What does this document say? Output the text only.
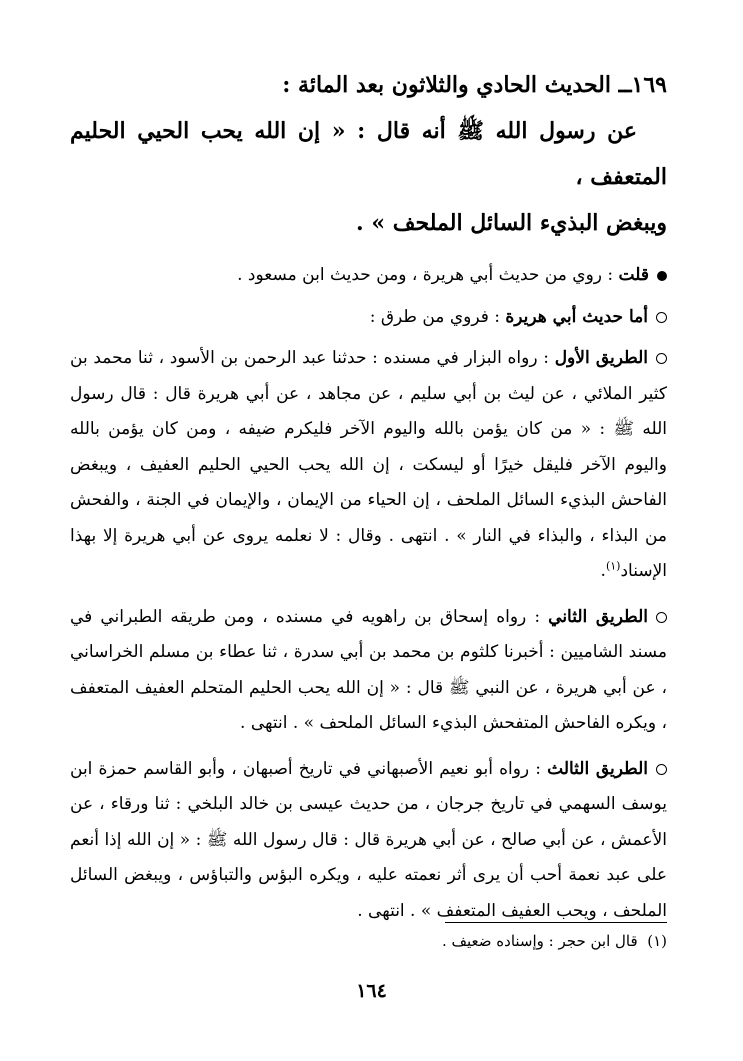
١٦٩ــ الحديث الحادي والثلاثون بعد المائة :

عن رسول الله ﷺ أنه قال : « إن الله يحب الحيي الحليم المتعفف ،

ويبغض البذيء السائل الملحف » .

قلت : روي من حديث أبي هريرة ، ومن حديث ابن مسعود .

أما حديث أبي هريرة : فروي من طرق :

الطريق الأول : رواه البزار في مسنده : حدثنا عبد الرحمن بن الأسود ، ثنا محمد بن كثير الملائي ، عن ليث بن أبي سليم ، عن مجاهد ، عن أبي هريرة قال : قال رسول الله ﷺ : « من كان يؤمن بالله واليوم الآخر فليكرم ضيفه ، ومن كان يؤمن بالله واليوم الآخر فليقل خيرًا أو ليسكت ، إن الله يحب الحيي الحليم العفيف ، ويبغض الفاحش البذيء السائل الملحف ، إن الحياء من الإيمان ، والإيمان في الجنة ، والفحش من البذاء ، والبذاء في النار » . انتهى . وقال : لا نعلمه يروى عن أبي هريرة إلا بهذا الإسناد$^{(١)}$.

الطريق الثاني : رواه إسحاق بن راهويه في مسنده ، ومن طريقه الطبراني في مسند الشاميين : أخبرنا كلثوم بن محمد بن أبي سدرة ، ثنا عطاء بن مسلم الخراساني ، عن أبي هريرة ، عن النبي ﷺ قال : « إن الله يحب الحليم المتحلم العفيف المتعفف ، ويكره الفاحش المتفحش البذيء السائل الملحف » . انتهى .

الطريق الثالث : رواه أبو نعيم الأصبهاني في تاريخ أصبهان ، وأبو القاسم حمزة ابن يوسف السهمي في تاريخ جرجان ، من حديث عيسى بن خالد البلخي : ثنا ورقاء ، عن الأعمش ، عن أبي صالح ، عن أبي هريرة قال : قال رسول الله ﷺ : « إن الله إذا أنعم على عبد نعمة أحب أن يرى أثر نعمته عليه ، ويكره البؤس والتباؤس ، ويبغض السائل الملحف ، ويحب العفيف المتعفف » . انتهى .

(١)  قال ابن حجر : وإسناده ضعيف .
١٦٤
